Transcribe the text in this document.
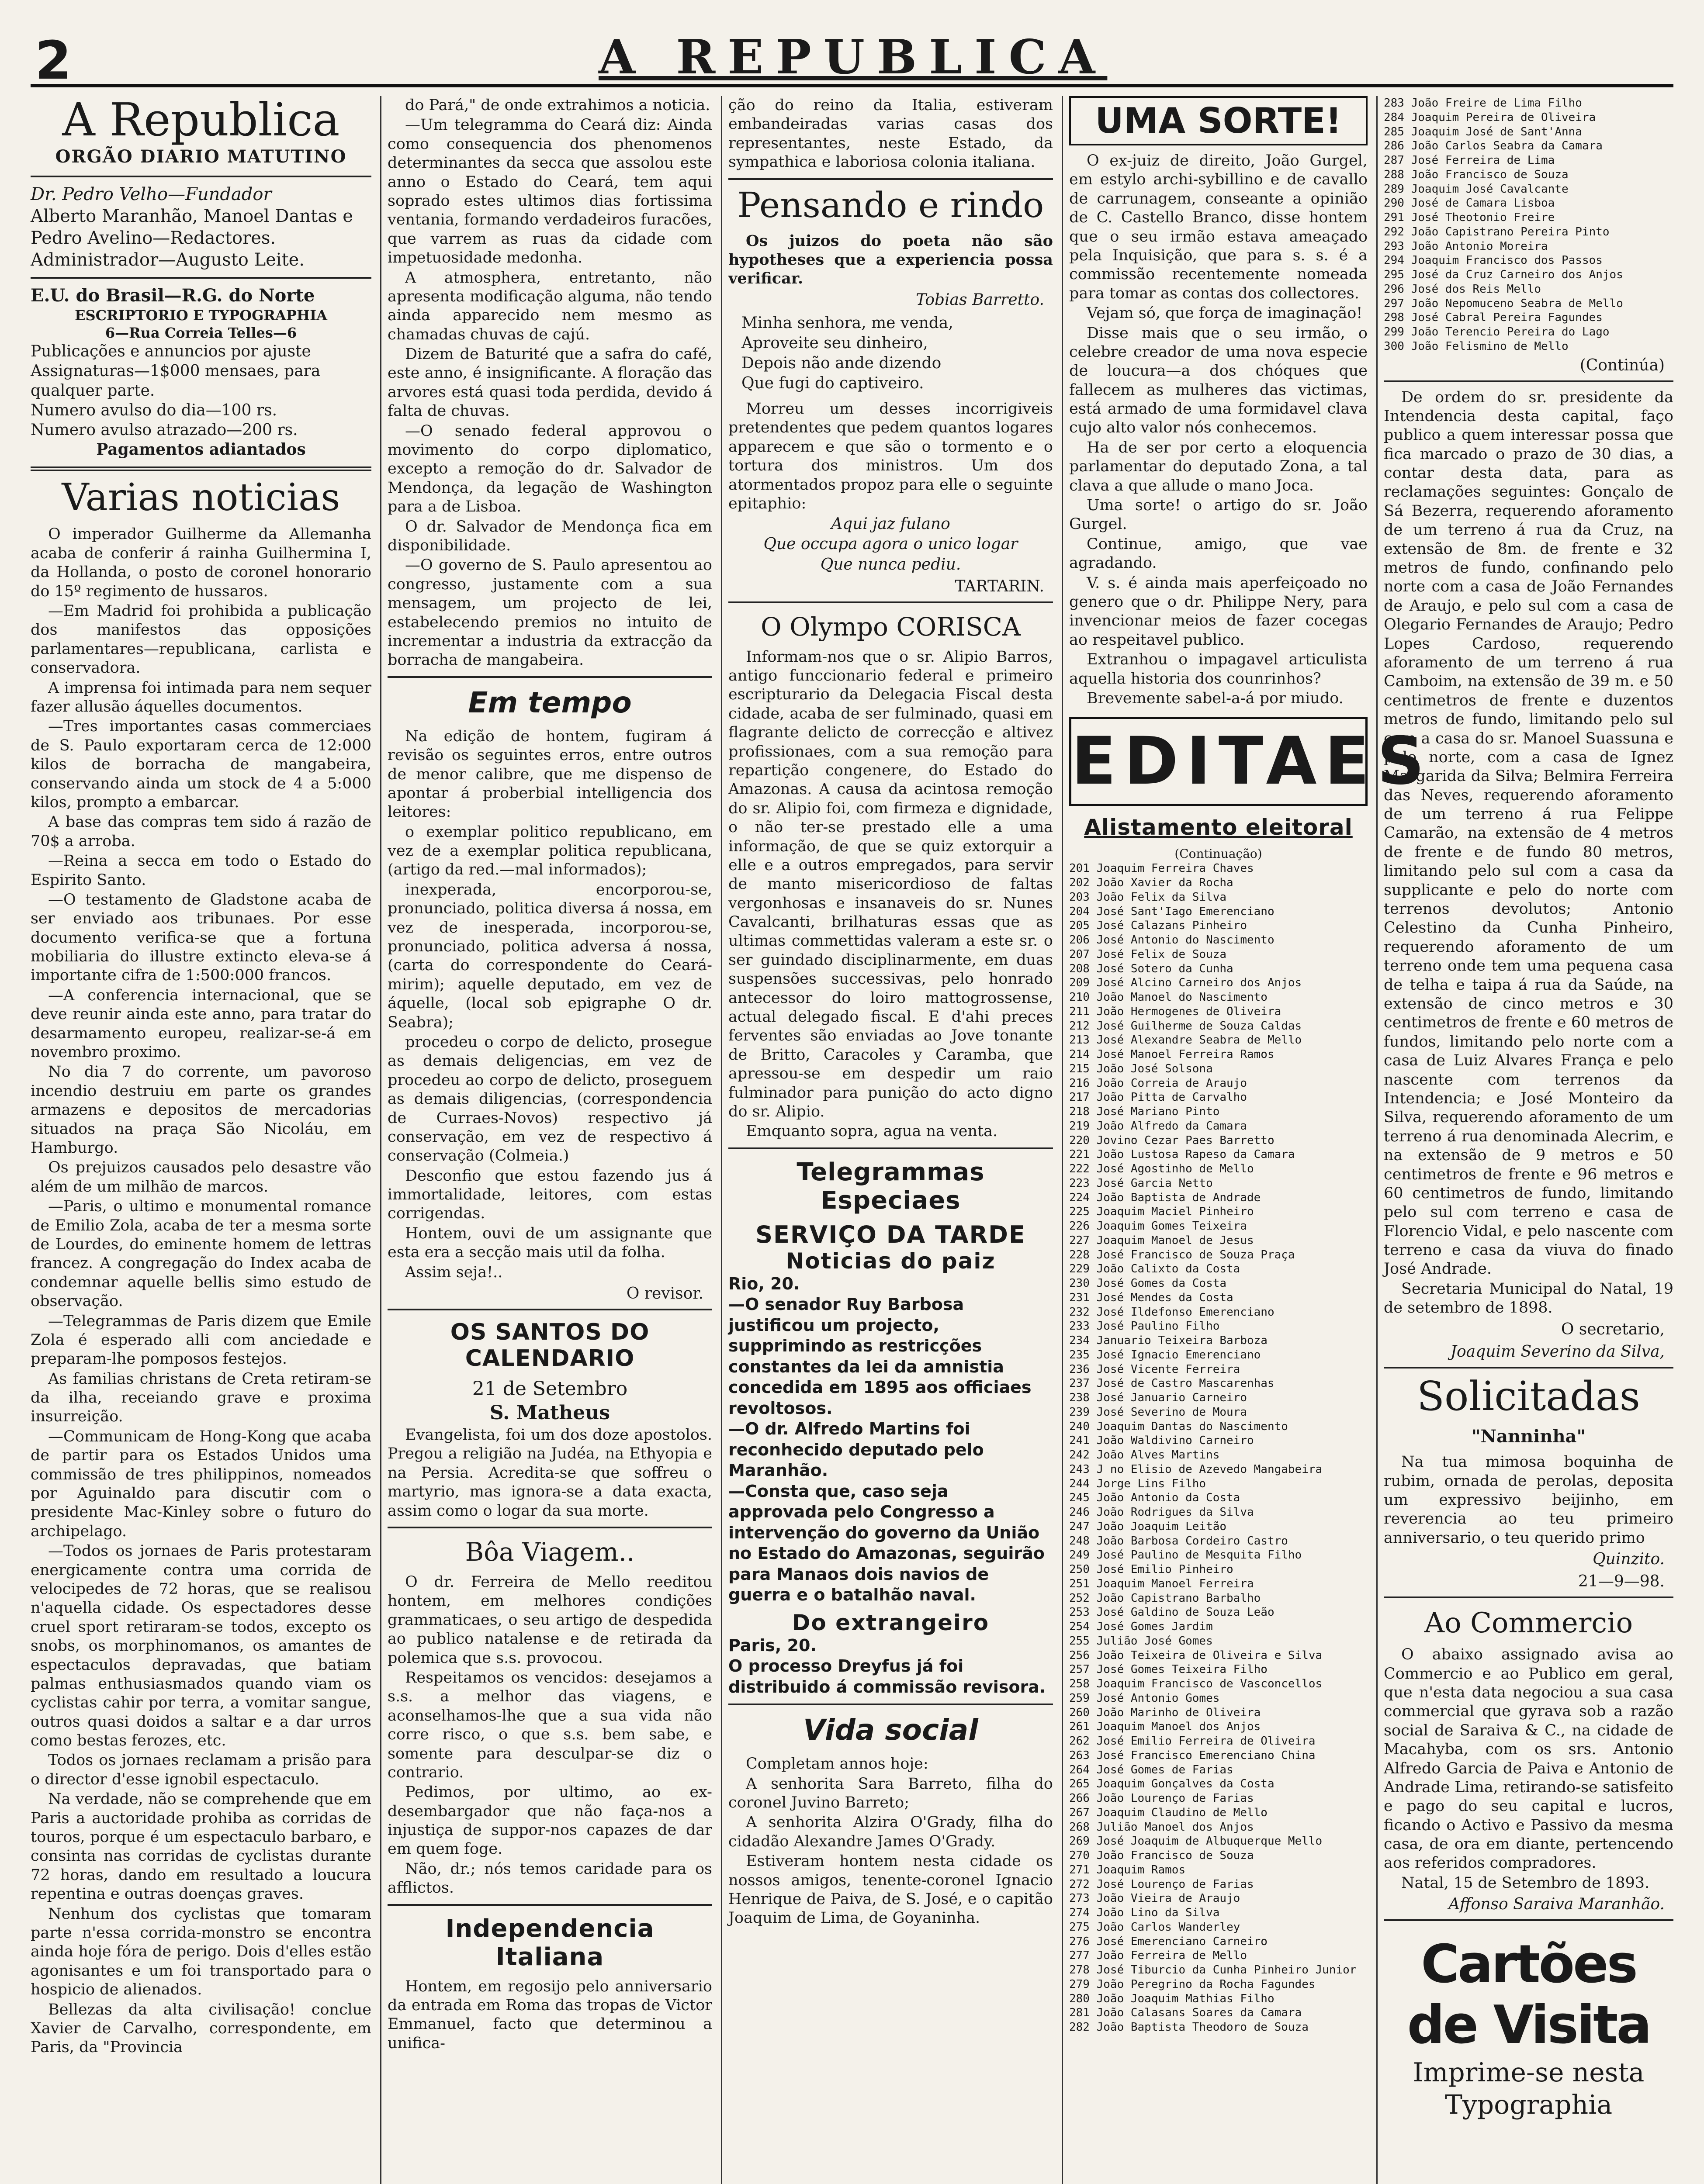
2	A REPUBLICA
A Republica
ORGÃO DIARIO MATUTINO
Dr. Pedro Velho—Fundador
Alberto Maranhão, Manoel Dantas e Pedro Avelino—Redactores.
Administrador—Augusto Leite.
E.U. do Brasil—R.G. do Norte
ESCRIPTORIO E TYPOGRAPHIA
6—Rua Correia Telles—6
Publicações e annuncios por ajuste
Assignaturas—1$000 mensaes, para qualquer parte.
Numero avulso do dia—100 rs.
Numero avulso atrazado—200 rs.
Pagamentos adiantados
Varias noticias

O imperador Guilherme da Allemanha acaba de conferir á rainha Guilhermina I, da Hollanda, o posto de coronel honorario do 15º regimento de hussaros.

—Em Madrid foi prohibida a publicação dos manifestos das opposições parlamentares—republicana, carlista e conservadora.

A imprensa foi intimada para nem sequer fazer allusão áquelles documentos.

—Tres importantes casas commerciaes de S. Paulo exportaram cerca de 12:000 kilos de borracha de mangabeira, conservando ainda um stock de 4 a 5:000 kilos, prompto a embarcar.

A base das compras tem sido á razão de 70$ a arroba.

—Reina a secca em todo o Estado do Espirito Santo.

—O testamento de Gladstone acaba de ser enviado aos tribunaes. Por esse documento verifica-se que a fortuna mobiliaria do illustre extincto eleva-se á importante cifra de 1:500:000 francos.

—A conferencia internacional, que se deve reunir ainda este anno, para tratar do desarmamento europeu, realizar-se-á em novembro proximo.

No dia 7 do corrente, um pavoroso incendio destruiu em parte os grandes armazens e depositos de mercadorias situados na praça São Nicoláu, em Hamburgo.

Os prejuizos causados pelo desastre vão além de um milhão de marcos.

—Paris, o ultimo e monumental romance de Emilio Zola, acaba de ter a mesma sorte de Lourdes, do eminente homem de lettras francez. A congregação do Index acaba de condemnar aquelle bellis simo estudo de observação.

—Telegrammas de Paris dizem que Emile Zola é esperado alli com anciedade e preparam-lhe pomposos festejos.

As familias christans de Creta retiram-se da ilha, receiando grave e proxima insurreição.

—Communicam de Hong-Kong que acaba de partir para os Estados Unidos uma commissão de tres philippinos, nomeados por Aguinaldo para discutir com o presidente Mac-Kinley sobre o futuro do archipelago.

—Todos os jornaes de Paris protestaram energicamente contra uma corrida de velocipedes de 72 horas, que se realisou n'aquella cidade. Os espectadores desse cruel sport retiraram-se todos, excepto os snobs, os morphinomanos, os amantes de espectaculos depravadas, que batiam palmas enthusiasmados quando viam os cyclistas cahir por terra, a vomitar sangue, outros quasi doidos a saltar e a dar urros como bestas ferozes, etc.

Todos os jornaes reclamam a prisão para o director d'esse ignobil espectaculo.

Na verdade, não se comprehende que em Paris a auctoridade prohiba as corridas de touros, porque é um espectaculo barbaro, e consinta nas corridas de cyclistas durante 72 horas, dando em resultado a loucura repentina e outras doenças graves.

Nenhum dos cyclistas que tomaram parte n'essa corrida-monstro se encontra ainda hoje fóra de perigo. Dois d'elles estão agonisantes e um foi transportado para o hospicio de alienados.

Bellezas da alta civilisação! conclue Xavier de Carvalho, correspondente, em Paris, da "Provincia

do Pará," de onde extrahimos a noticia.

—Um telegramma do Ceará diz: Ainda como consequencia dos phenomenos determinantes da secca que assolou este anno o Estado do Ceará, tem aqui soprado estes ultimos dias fortissima ventania, formando verdadeiros furacões, que varrem as ruas da cidade com impetuosidade medonha.

A atmosphera, entretanto, não apresenta modificação alguma, não tendo ainda apparecido nem mesmo as chamadas chuvas de cajú.

Dizem de Baturité que a safra do café, este anno, é insignificante. A floração das arvores está quasi toda perdida, devido á falta de chuvas.

—O senado federal approvou o movimento do corpo diplomatico, excepto a remoção do dr. Salvador de Mendonça, da legação de Washington para a de Lisboa.

O dr. Salvador de Mendonça fica em disponibilidade.

—O governo de S. Paulo apresentou ao congresso, justamente com a sua mensagem, um projecto de lei, estabelecendo premios no intuito de incrementar a industria da extracção da borracha de mangabeira.

Em tempo

Na edição de hontem, fugiram á revisão os seguintes erros, entre outros de menor calibre, que me dispenso de apontar á proberbial intelligencia dos leitores:

o exemplar politico republicano, em vez de a exemplar politica republicana, (artigo da red.—mal informados);

inexperada, encorporou-se, pronunciado, politica diversa á nossa, em vez de inesperada, incorporou-se, pronunciado, politica adversa á nossa, (carta do correspondente do Ceará-mirim); aquelle deputado, em vez de áquelle, (local sob epigraphe O dr. Seabra);

procedeu o corpo de delicto, prosegue as demais deligencias, em vez de procedeu ao corpo de delicto, proseguem as demais diligencias, (correspondencia de Curraes-Novos) respectivo já conservação, em vez de respectivo á conservação (Colmeia.)

Desconfio que estou fazendo jus á immortalidade, leitores, com estas corrigendas.

Hontem, ouvi de um assignante que esta era a secção mais util da folha.

Assim seja!..

O revisor.
OS SANTOS DO CALENDARIO
21 de Setembro
S. Matheus

Evangelista, foi um dos doze apostolos. Pregou a religião na Judéa, na Ethyopia e na Persia. Acredita-se que soffreu o martyrio, mas ignora-se a data exacta, assim como o logar da sua morte.

Bôa Viagem..

O dr. Ferreira de Mello reeditou hontem, em melhores condições grammaticaes, o seu artigo de despedida ao publico natalense e de retirada da polemica que s.s. provocou.

Respeitamos os vencidos: desejamos a s.s. a melhor das viagens, e aconselhamos-lhe que a sua vida não corre risco, o que s.s. bem sabe, e somente para desculpar-se diz o contrario.

Pedimos, por ultimo, ao ex-desembargador que não faça-nos a injustiça de suppor-nos capazes de dar em quem foge.

Não, dr.; nós temos caridade para os afflictos.

Independencia Italiana

Hontem, em regosijo pelo anniversario da entrada em Roma das tropas de Victor Emmanuel, facto que determinou a unifica-

ção do reino da Italia, estiveram embandeiradas varias casas dos representantes, neste Estado, da sympathica e laboriosa colonia italiana.

Pensando e rindo

Os juizos do poeta não são hypotheses que a experiencia possa verificar.

Tobias Barretto.
Minha senhora, me venda,
Aproveite seu dinheiro,
Depois não ande dizendo
Que fugi do captiveiro.

Morreu um desses incorrigiveis pretendentes que pedem quantos logares apparecem e que são o tormento e o tortura dos ministros. Um dos atormentados propoz para elle o seguinte epitaphio:

Aqui jaz fulano
Que occupa agora o unico logar
Que nunca pediu.
TARTARIN.
O Olympo CORISCA

Informam-nos que o sr. Alipio Barros, antigo funccionario federal e primeiro escripturario da Delegacia Fiscal desta cidade, acaba de ser fulminado, quasi em flagrante delicto de correcção e altivez profissionaes, com a sua remoção para repartição congenere, do Estado do Amazonas. A causa da acintosa remoção do sr. Alipio foi, com firmeza e dignidade, o não ter-se prestado elle a uma informação, de que se quiz extorquir a elle e a outros empregados, para servir de manto misericordioso de faltas vergonhosas e insanaveis do sr. Nunes Cavalcanti, brilhaturas essas que as ultimas commettidas valeram a este sr. o ser guindado disciplinarmente, em duas suspensões successivas, pelo honrado antecessor do loiro mattogrossense, actual delegado fiscal. E d'ahi preces ferventes são enviadas ao Jove tonante de Britto, Caracoles y Caramba, que apressou-se em despedir um raio fulminador para punição do acto digno do sr. Alipio.

Emquanto sopra, agua na venta.

Telegrammas Especiaes
SERVIÇO DA TARDE
Noticias do paiz
Rio, 20.
—O senador Ruy Barbosa justificou um projecto, supprimindo as restricções constantes da lei da amnistia concedida em 1895 aos officiaes revoltosos.
—O dr. Alfredo Martins foi reconhecido deputado pelo Maranhão.
—Consta que, caso seja approvada pelo Congresso a intervenção do governo da União no Estado do Amazonas, seguirão para Manaos dois navios de guerra e o batalhão naval.
Do extrangeiro
Paris, 20.
O processo Dreyfus já foi distribuido á commissão revisora.
Vida social

Completam annos hoje:

A senhorita Sara Barreto, filha do coronel Juvino Barreto;

A senhorita Alzira O'Grady, filha do cidadão Alexandre James O'Grady.

Estiveram hontem nesta cidade os nossos amigos, tenente-coronel Ignacio Henrique de Paiva, de S. José, e o capitão Joaquim de Lima, de Goyaninha.

UMA SORTE!

O ex-juiz de direito, João Gurgel, em estylo archi-sybillino e de cavallo de carrunagem, conseante a opinião de C. Castello Branco, disse hontem que o seu irmão estava ameaçado pela Inquisição, que para s. s. é a commissão recentemente nomeada para tomar as contas dos collectores.

Vejam só, que força de imaginação!

Disse mais que o seu irmão, o celebre creador de uma nova especie de loucura—a dos chóques que fallecem as mulheres das victimas, está armado de uma formidavel clava cujo alto valor nós conhecemos.

Ha de ser por certo a eloquencia parlamentar do deputado Zona, a tal clava a que allude o mano Joca.

Uma sorte! o artigo do sr. João Gurgel.

Continue, amigo, que vae agradando.

V. s. é ainda mais aperfeiçoado no genero que o dr. Philippe Nery, para invencionar meios de fazer cocegas ao respeitavel publico.

Extranhou o impagavel articulista aquella historia dos counrinhos?

Brevemente sabel-a-á por miudo.

EDITAES
Alistamento eleitoral
(Continuação)
201 Joaquim Ferreira Chaves
202 João Xavier da Rocha
203 João Felix da Silva
204 José Sant'Iago Emerenciano
205 José Calazans Pinheiro
206 José Antonio do Nascimento
207 José Felix de Souza
208 José Sotero da Cunha
209 José Alcino Carneiro dos Anjos
210 João Manoel do Nascimento
211 João Hermogenes de Oliveira
212 José Guilherme de Souza Caldas
213 José Alexandre Seabra de Mello
214 José Manoel Ferreira Ramos
215 João José Solsona
216 João Correia de Araujo
217 João Pitta de Carvalho
218 José Mariano Pinto
219 João Alfredo da Camara
220 Jovino Cezar Paes Barretto
221 João Lustosa Rapeso da Camara
222 José Agostinho de Mello
223 José Garcia Netto
224 João Baptista de Andrade
225 Joaquim Maciel Pinheiro
226 Joaquim Gomes Teixeira
227 Joaquim Manoel de Jesus
228 José Francisco de Souza Praça
229 João Calixto da Costa
230 José Gomes da Costa
231 José Mendes da Costa
232 José Ildefonso Emerenciano
233 José Paulino Filho
234 Januario Teixeira Barboza
235 José Ignacio Emerenciano
236 José Vicente Ferreira
237 José de Castro Mascarenhas
238 José Januario Carneiro
239 José Severino de Moura
240 Joaquim Dantas do Nascimento
241 João Waldivino Carneiro
242 João Alves Martins
243 J no Elisio de Azevedo Mangabeira
244 Jorge Lins Filho
245 João Antonio da Costa
246 João Rodrigues da Silva
247 João Joaquim Leitão
248 João Barbosa Cordeiro Castro
249 José Paulino de Mesquita Filho
250 José Emilio Pinheiro
251 Joaquim Manoel Ferreira
252 João Capistrano Barbalho
253 José Galdino de Souza Leão
254 José Gomes Jardim
255 Julião José Gomes
256 João Teixeira de Oliveira e Silva
257 José Gomes Teixeira Filho
258 Joaquim Francisco de Vasconcellos
259 José Antonio Gomes
260 João Marinho de Oliveira
261 Joaquim Manoel dos Anjos
262 José Emilio Ferreira de Oliveira
263 José Francisco Emerenciano China
264 José Gomes de Farias
265 Joaquim Gonçalves da Costa
266 João Lourenço de Farias
267 Joaquim Claudino de Mello
268 Julião Manoel dos Anjos
269 José Joaquim de Albuquerque Mello
270 João Francisco de Souza
271 Joaquim Ramos
272 José Lourenço de Farias
273 João Vieira de Araujo
274 João Lino da Silva
275 João Carlos Wanderley
276 José Emerenciano Carneiro
277 João Ferreira de Mello
278 José Tiburcio da Cunha Pinheiro Junior
279 João Peregrino da Rocha Fagundes
280 João Joaquim Mathias Filho
281 João Calasans Soares da Camara
282 João Baptista Theodoro de Souza
283 João Freire de Lima Filho
284 Joaquim Pereira de Oliveira
285 Joaquim José de Sant'Anna
286 João Carlos Seabra da Camara
287 José Ferreira de Lima
288 João Francisco de Souza
289 Joaquim José Cavalcante
290 José de Camara Lisboa
291 José Theotonio Freire
292 João Capistrano Pereira Pinto
293 João Antonio Moreira
294 Joaquim Francisco dos Passos
295 José da Cruz Carneiro dos Anjos
296 José dos Reis Mello
297 João Nepomuceno Seabra de Mello
298 José Cabral Pereira Fagundes
299 João Terencio Pereira do Lago
300 João Felismino de Mello
(Continúa)

De ordem do sr. presidente da Intendencia desta capital, faço publico a quem interessar possa que fica marcado o prazo de 30 dias, a contar desta data, para as reclamações seguintes: Gonçalo de Sá Bezerra, requerendo aforamento de um terreno á rua da Cruz, na extensão de 8m. de frente e 32 metros de fundo, confinando pelo norte com a casa de João Fernandes de Araujo, e pelo sul com a casa de Olegario Fernandes de Araujo; Pedro Lopes Cardoso, requerendo aforamento de um terreno á rua Camboim, na extensão de 39 m. e 50 centimetros de frente e duzentos metros de fundo, limitando pelo sul com a casa do sr. Manoel Suassuna e pelo norte, com a casa de Ignez Margarida da Silva; Belmira Ferreira das Neves, requerendo aforamento de um terreno á rua Felippe Camarão, na extensão de 4 metros de frente e de fundo 80 metros, limitando pelo sul com a casa da supplicante e pelo do norte com terrenos devolutos; Antonio Celestino da Cunha Pinheiro, requerendo aforamento de um terreno onde tem uma pequena casa de telha e taipa á rua da Saúde, na extensão de cinco metros e 30 centimetros de frente e 60 metros de fundos, limitando pelo norte com a casa de Luiz Alvares França e pelo nascente com terrenos da Intendencia; e José Monteiro da Silva, requerendo aforamento de um terreno á rua denominada Alecrim, e na extensão de 9 metros e 50 centimetros de frente e 96 metros e 60 centimetros de fundo, limitando pelo sul com terreno e casa de Florencio Vidal, e pelo nascente com terreno e casa da viuva do finado José Andrade.

Secretaria Municipal do Natal, 19 de setembro de 1898.

O secretario,
Joaquim Severino da Silva,
Solicitadas
"Nanninha"

Na tua mimosa boquinha de rubim, ornada de perolas, deposita um expressivo beijinho, em reverencia ao teu primeiro anniversario, o teu querido primo

Quinzito.
21—9—98.
Ao Commercio

O abaixo assignado avisa ao Commercio e ao Publico em geral, que n'esta data negociou a sua casa commercial que gyrava sob a razão social de Saraiva & C., na cidade de Macahyba, com os srs. Antonio Alfredo Garcia de Paiva e Antonio de Andrade Lima, retirando-se satisfeito e pago do seu capital e lucros, ficando o Activo e Passivo da mesma casa, de ora em diante, pertencendo aos referidos compradores.

Natal, 15 de Setembro de 1893.

Affonso Saraiva Maranhão.
Cartões de Visita
Imprime-se nesta
Typographia
